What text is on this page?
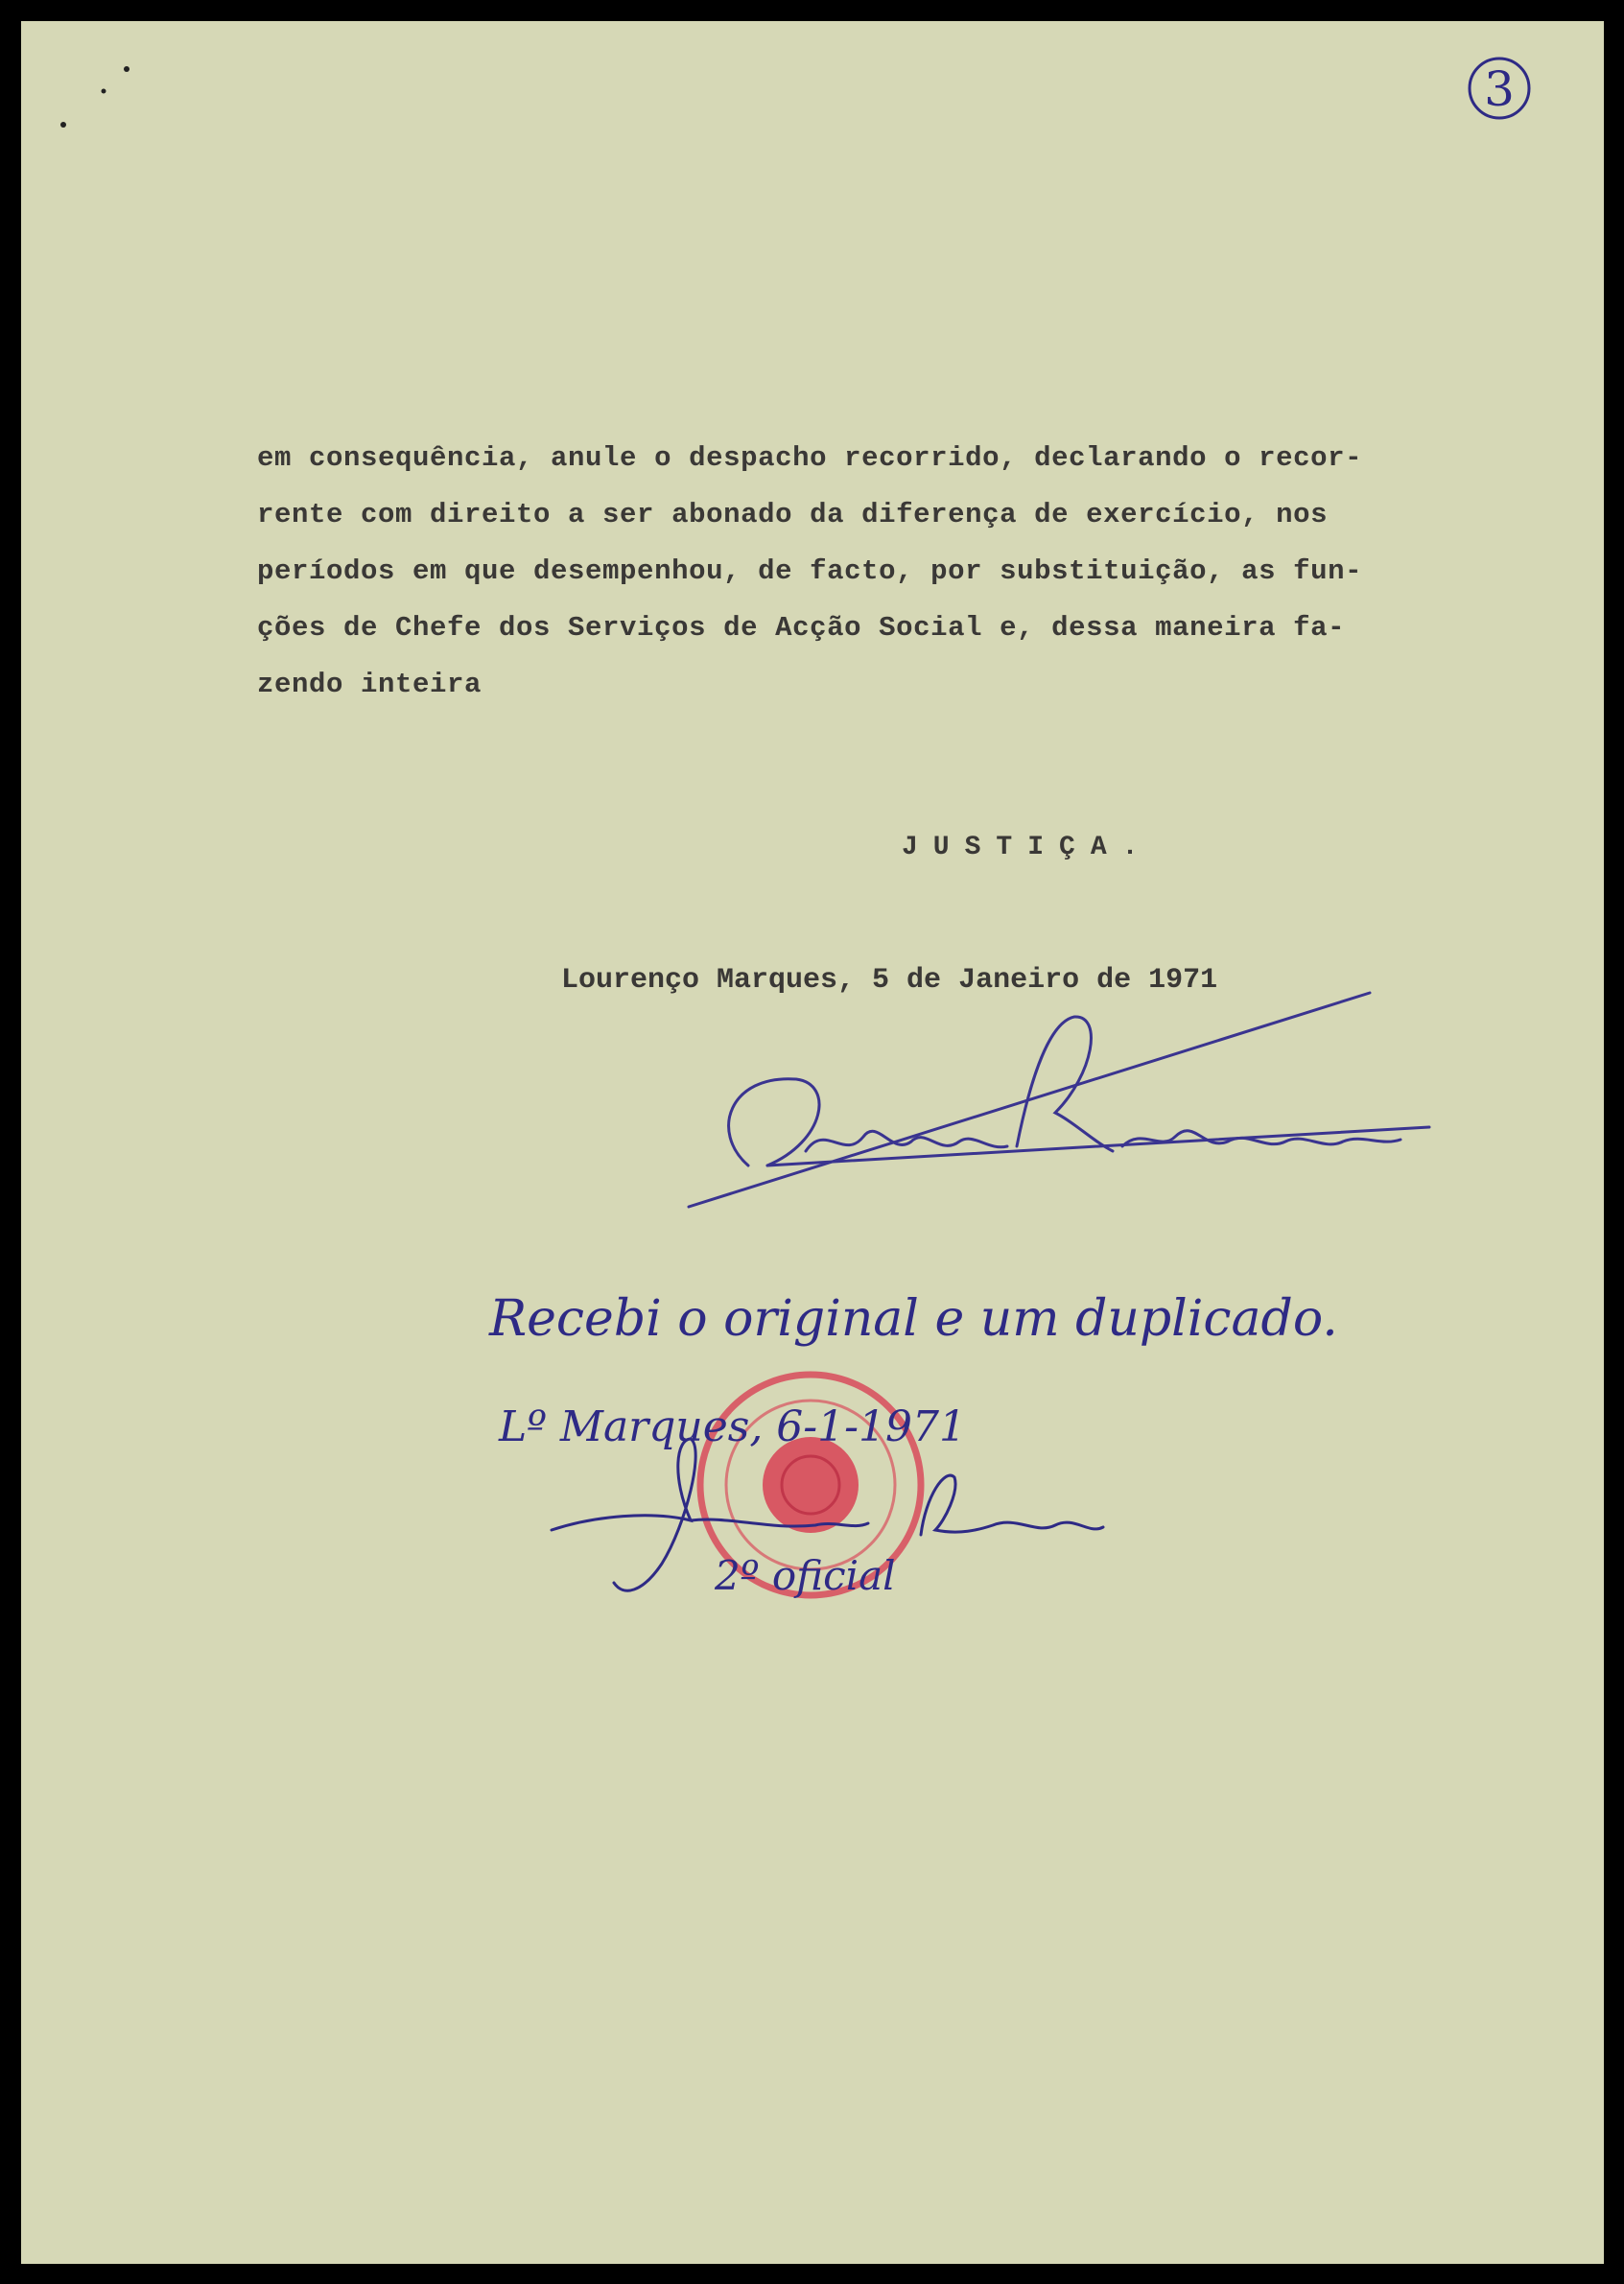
3
em consequência, anule o despacho recorrido, declarando o recor-
rente com direito a ser abonado da diferença de exercício, nos
períodos em que desempenhou, de facto, por substituição, as fun-
ções de Chefe dos Serviços de Acção Social e, dessa maneira fa-
zendo inteira
JUSTIÇA.
Lourenço Marques, 5 de Janeiro de 1971
Recebi o original e um duplicado.
Lº Marques, 6-1-1971
2º oficial
